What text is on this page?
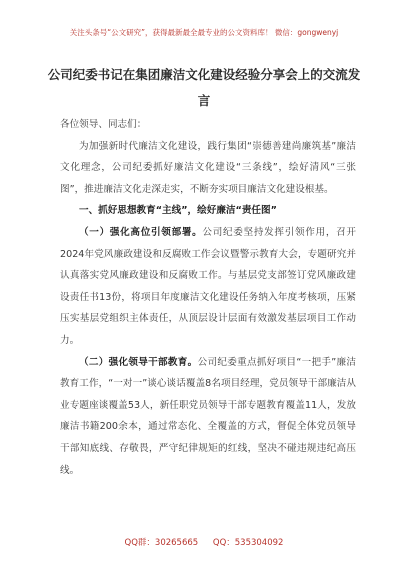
关注头条号“公文研究”，获得最新最全最专业的公文资料库！ 微信：gongwenyj
公司纪委书记在集团廉洁文化建设经验分享会上的交流发
言

各位领导、同志们：

为加强新时代廉洁文化建设，践行集团“崇德善建尚廉筑基”廉洁文化理念，公司纪委抓好廉洁文化建设“三条线”，绘好清风“三张图”，推进廉洁文化走深走实，不断夯实项目廉洁文化建设根基。

一、抓好思想教育“主线”，绘好廉洁“责任图”

（一）强化高位引领部署。公司纪委坚持发挥引领作用，召开2024年党风廉政建设和反腐败工作会议暨警示教育大会，专题研究并认真落实党风廉政建设和反腐败工作。与基层党支部签订党风廉政建设责任书13份，将项目年度廉洁文化建设任务纳入年度考核项，压紧压实基层党组织主体责任，从顶层设计层面有效激发基层项目工作动力。

（二）强化领导干部教育。公司纪委重点抓好项目“一把手”廉洁教育工作，“一对一”谈心谈话覆盖8名项目经理，党员领导干部廉洁从业专题座谈覆盖53人，新任职党员领导干部专题教育覆盖11人，发放廉洁书籍200余本，通过常态化、全覆盖的方式，督促全体党员领导干部知底线、存敬畏，严守纪律规矩的红线，坚决不碰违规违纪高压线。

QQ群：30265665 QQ：535304092
